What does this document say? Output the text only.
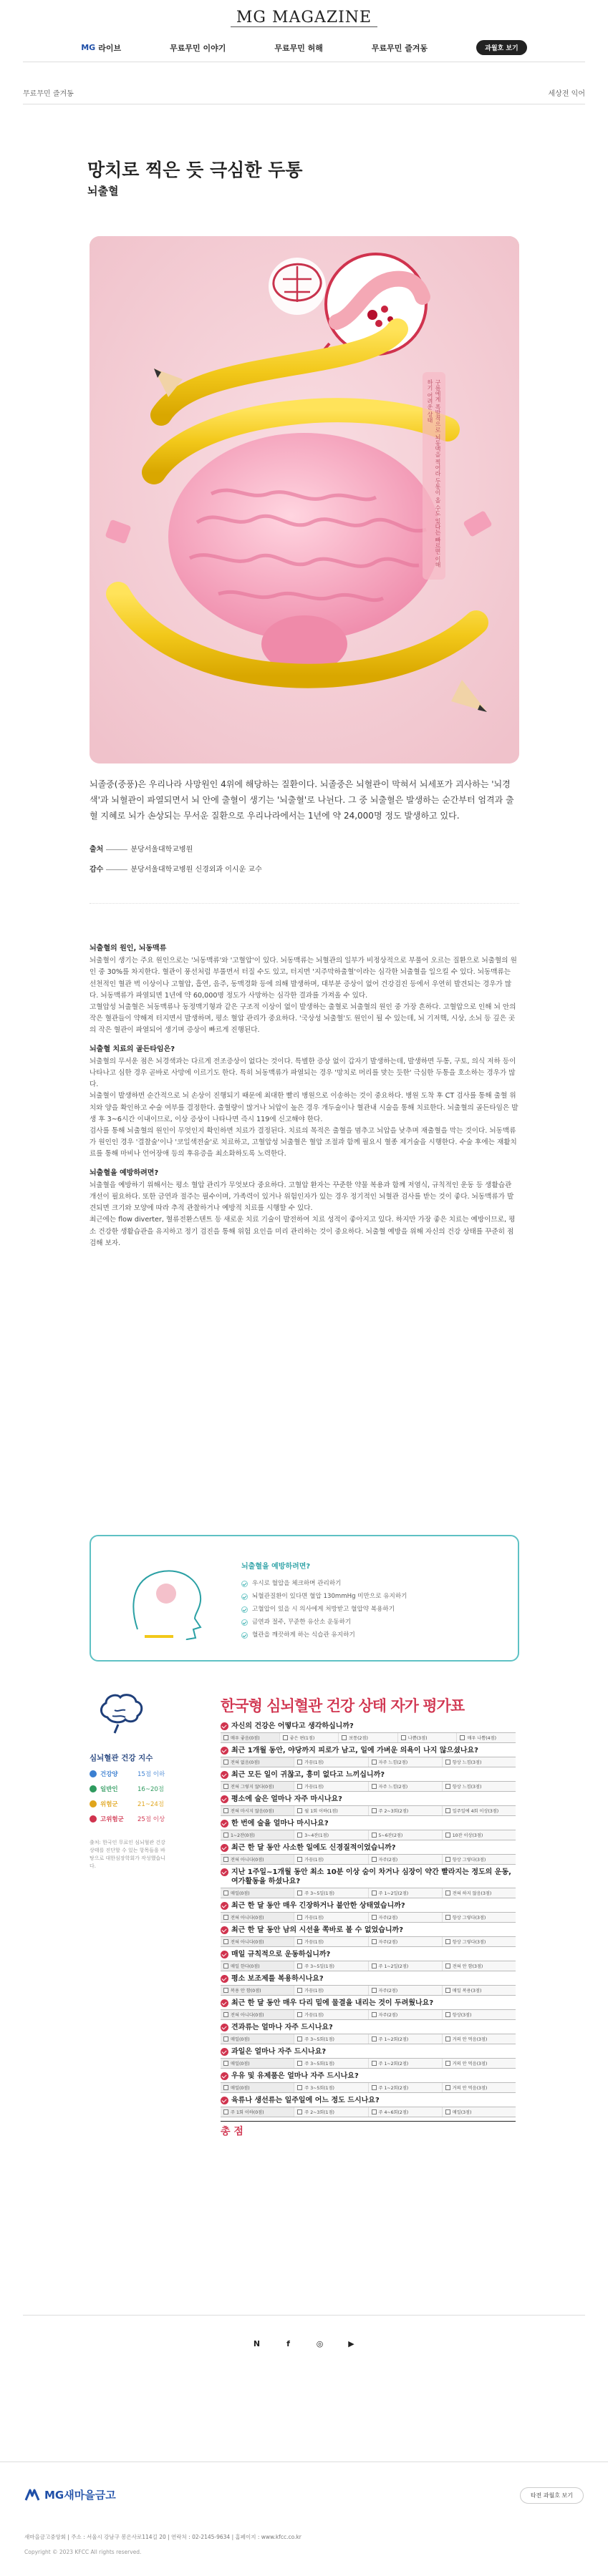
MG MAGAZINE
MG 라이브	무료무민 이야기	무료무민 허해	무료무민 즐겨동	과월호 보기
무료무민 즐겨동	세상전 익어
망치로 찍은 듯 극심한 두통
뇌출혈
구름에게 폭발적으로 뇌동맥을 찍어라 두통이 올 수도 있다는 빠르면 이해하기 어려운 상태

뇌졸중(중풍)은 우리나라 사망원인 4위에 해당하는 질환이다. 뇌졸중은 뇌혈관이 막혀서 뇌세포가 괴사하는 '뇌경색'과 뇌혈관이 파열되면서 뇌 안에 출혈이 생기는 '뇌출혈'로 나뉜다. 그 중 뇌출혈은 발생하는 순간부터 엄격과 출혈 지혜로 뇌가 손상되는 무서운 질환으로 우리나라에서는 1년에 약 24,000명 정도 발생하고 있다.

출처	분당서울대학교병원
감수	분당서울대학교병원 신경외과 이시운 교수
뇌출혈의 원인, 뇌동맥류

뇌출혈이 생기는 주요 원인으로는 '뇌동맥류'와 '고혈압'이 있다. 뇌동맥류는 뇌혈관의 일부가 비정상적으로 부풀어 오르는 질환으로 뇌출혈의 원인 중 30%를 차지한다. 혈관이 풍선처럼 부풀면서 터질 수도 있고, 터지면 '지주막하출혈'이라는 심각한 뇌출혈을 일으킬 수 있다. 뇌동맥류는 선천적인 혈관 벽 이상이나 고혈압, 흡연, 음주, 동맥경화 등에 의해 발생하며, 대부분 증상이 없어 건강검진 등에서 우연히 발견되는 경우가 많다. 뇌동맥류가 파열되면 1년에 약 60,000명 정도가 사망하는 심각한 결과를 가져올 수 있다.

고혈압성 뇌출혈은 뇌동맥류나 동정맥기형과 같은 구조적 이상이 없이 발생하는 출혈로 뇌출혈의 원인 중 가장 흔하다. 고혈압으로 인해 뇌 안의 작은 혈관들이 약해져 터지면서 발생하며, 평소 혈압 관리가 중요하다. '국상성 뇌출혈'도 원인이 될 수 있는데, 뇌 기저핵, 시상, 소뇌 등 깊은 곳의 작은 혈관이 파열되어 생기며 증상이 빠르게 진행된다.

뇌출혈 치료의 골든타임은?

뇌출혈의 무서운 점은 뇌경색과는 다르게 전조증상이 없다는 것이다. 특별한 증상 없이 갑자기 발생하는데, 발생하면 두통, 구토, 의식 저하 등이 나타나고 심한 경우 곧바로 사망에 이르기도 한다. 특히 뇌동맥류가 파열되는 경우 '망치로 머리를 맞는 듯한' 극심한 두통을 호소하는 경우가 많다.

뇌출혈이 발생하면 순간적으로 뇌 손상이 진행되기 때문에 최대한 빨리 병원으로 이송하는 것이 중요하다. 병원 도착 후 CT 검사를 통해 출혈 위치와 양을 확인하고 수술 여부를 결정한다. 출혈량이 많거나 뇌압이 높은 경우 개두술이나 혈관내 시술을 통해 치료한다. 뇌출혈의 골든타임은 발생 후 3~6시간 이내이므로, 이상 증상이 나타나면 즉시 119에 신고해야 한다.

검사를 통해 뇌출혈의 원인이 무엇인지 확인하면 치료가 결정된다. 치료의 목적은 출혈을 멈추고 뇌압을 낮추며 재출혈을 막는 것이다. 뇌동맥류가 원인인 경우 '결찰술'이나 '코일색전술'로 치료하고, 고혈압성 뇌출혈은 혈압 조절과 함께 필요시 혈종 제거술을 시행한다. 수술 후에는 재활치료를 통해 마비나 언어장애 등의 후유증을 최소화하도록 노력한다.

뇌출혈을 예방하려면?

뇌출혈을 예방하기 위해서는 평소 혈압 관리가 무엇보다 중요하다. 고혈압 환자는 꾸준한 약물 복용과 함께 저염식, 규칙적인 운동 등 생활습관 개선이 필요하다. 또한 금연과 절주는 필수이며, 가족력이 있거나 위험인자가 있는 경우 정기적인 뇌혈관 검사를 받는 것이 좋다. 뇌동맥류가 발견되면 크기와 모양에 따라 추적 관찰하거나 예방적 치료를 시행할 수 있다.

최근에는 flow diverter, 혈류전환스텐트 등 새로운 치료 기술이 발전하여 치료 성적이 좋아지고 있다. 하지만 가장 좋은 치료는 예방이므로, 평소 건강한 생활습관을 유지하고 정기 검진을 통해 위험 요인을 미리 관리하는 것이 중요하다. 뇌출혈 예방을 위해 자신의 건강 상태를 꾸준히 점검해 보자.

뇌출혈을 예방하려면?
우시로 혈압을 체크하며 관리하기
뇌혈관질환이 있다면 혈압 130mmHg 미만으로 유지하기
고혈압이 있을 시 의사에게 처방받고 혈압약 복용하기
금연과 절주, 꾸준한 유산소 운동하기
혈관을 깨끗하게 하는 식습관 유지하기
심뇌혈관 건강 지수
건강양	15점 이하
일반인	16~20점
위험군	21~24점
고위험군	25점 이상
출처: 한국인 무료인 심뇌혈관 건강상태를 진단할 수 있는 항목들을 바탕으로 대한심장학회가 작성했습니다.
한국형 심뇌혈관 건강 상태 자가 평가표
자신의 건강은 어떻다고 생각하십니까?
매우 좋음(0점)	좋은 편(1점)	보통(2점)	나쁨(3점)	매우 나쁨(4점)
최근 1개월 동안, 야당까지 피로가 남고, 일에 가벼운 의욕이 나지 않으셨나요?
전혀 없음(0점)	가끔(1점)	자주 느낌(2점)	항상 느낌(3점)
최근 모든 일이 귀찮고, 흥미 없다고 느끼십니까?
전혀 그렇지 않다(0점)	가끔(1점)	자주 느낌(2점)	항상 느낌(3점)
평소에 술은 얼마나 자주 마시나요?
전혀 마시지 않음(0점)	월 1회 이하(1점)	주 2~3회(2점)	일주일에 4회 이상(3점)
한 번에 술을 얼마나 마시나요?
1~2잔(0점)	3~4잔(1점)	5~6잔(2점)	10잔 이상(3점)
최근 한 달 동안 사소한 일에도 신경질적이었습니까?
전혀 아니다(0점)	가끔(1점)	자주(2점)	항상 그렇다(3점)
지난 1주일~1개월 동안 최소 10분 이상 숨이 차거나 심장이 약간 빨라지는 정도의 운동, 여가활동을 하셨나요?
매일(0점)	주 3~5일(1점)	주 1~2일(2점)	전혀 하지 않음(3점)
최근 한 달 동안 매우 긴장하거나 불안한 상태였습니까?
전혀 아니다(0점)	가끔(1점)	자주(2점)	항상 그렇다(3점)
최근 한 달 동안 남의 시선을 쪽바로 볼 수 없었습니까?
전혀 아니다(0점)	가끔(1점)	자주(2점)	항상 그렇다(3점)
매일 규칙적으로 운동하십니까?
매일 한다(0점)	주 3~5일(1점)	주 1~2일(2점)	전혀 안 함(3점)
평소 보조제를 복용하시나요?
복용 안 함(0점)	가끔(1점)	자주(2점)	매일 복용(3점)
최근 한 달 동안 매우 다리 밑에 물결을 내리는 것이 두려웠나요?
전혀 아니다(0점)	가끔(1점)	자주(2점)	항상(3점)
견과류는 얼마나 자주 드시나요?
매일(0점)	주 3~5회(1점)	주 1~2회(2점)	거의 안 먹음(3점)
과일은 얼마나 자주 드시나요?
매일(0점)	주 3~5회(1점)	주 1~2회(2점)	거의 안 먹음(3점)
우유 및 유제품은 얼마나 자주 드시나요?
매일(0점)	주 3~5회(1점)	주 1~2회(2점)	거의 안 먹음(3점)
육류나 생선류는 일주일에 어느 정도 드시나요?
주 1회 이하(0점)	주 2~3회(1점)	주 4~6회(2점)	매일(3점)
총 점
N	f	◎	▶
MG새마을금고	타전 과월호 보기
새마을금고중앙회 | 주소 : 서울시 강남구 봉은사로114길 20 | 연락처 : 02-2145-9634 | 홈페이지 : www.kfcc.co.kr
Copyright © 2023 KFCC All rights reserved.
